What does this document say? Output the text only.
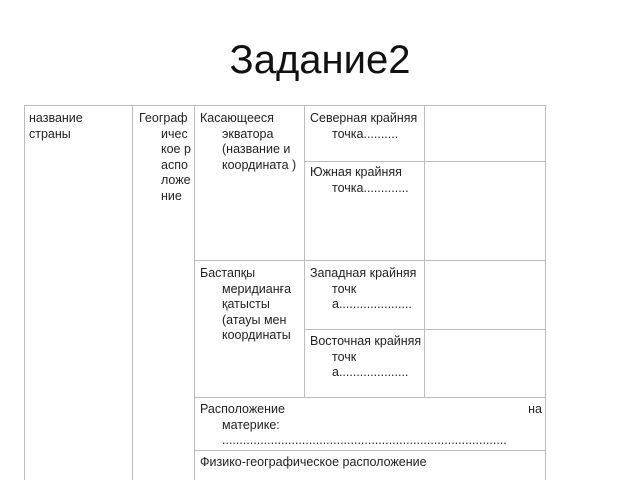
Задание2
название страны
Географическое расположение
Касающееся экватора (название и координата )
Северная крайняя точка..........
Южная крайняя точка.............
Бастапқы меридианға қатысты (атауы мен координаты
Западная крайняя точка.....................
Восточная крайняя точка....................
Расположение на
материке: ..................................................................................
Физико-географическое расположение
